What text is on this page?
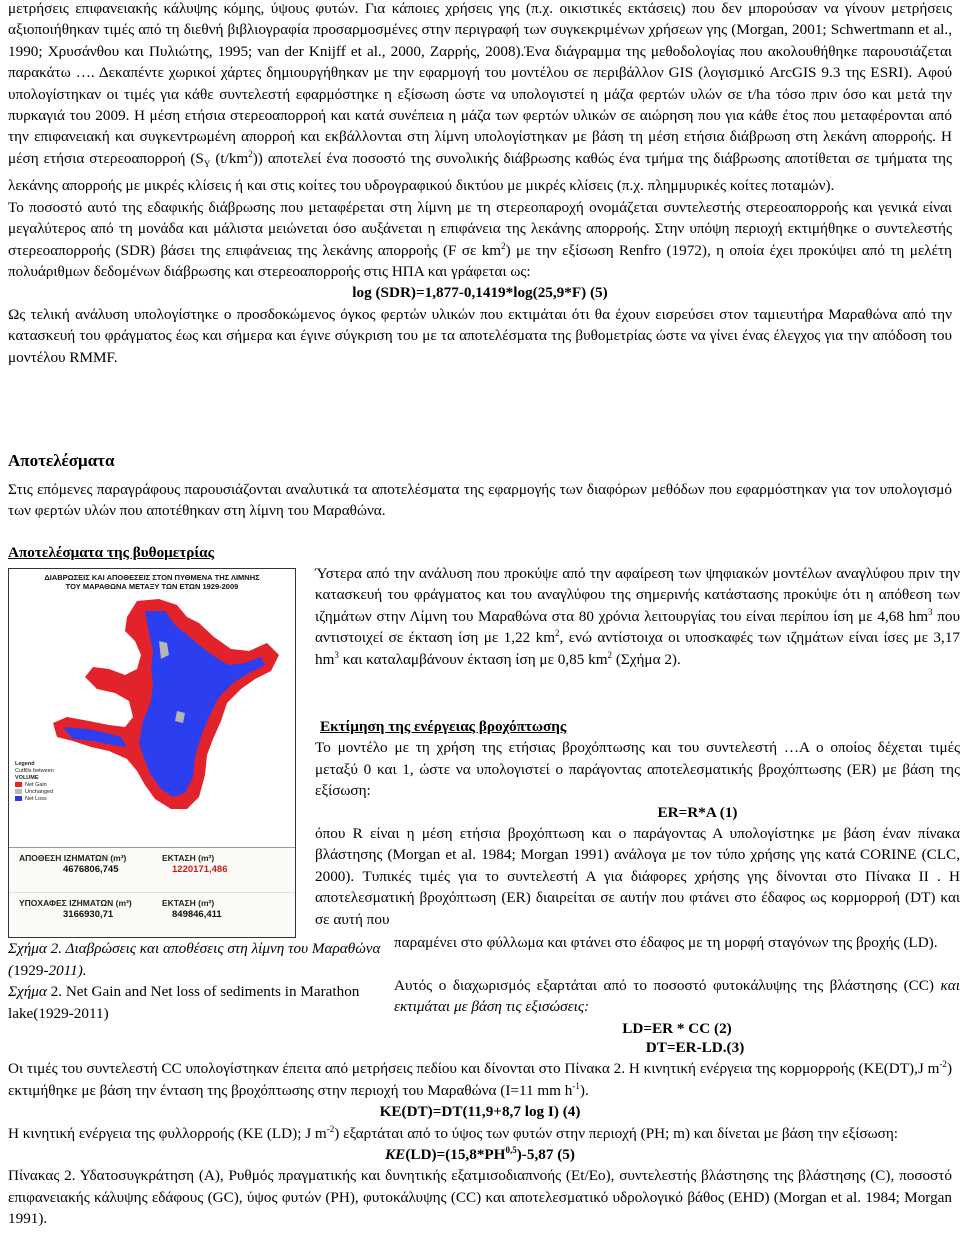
μετρήσεις επιφανειακής κάλυψης κόμης, ύψους φυτών. Για κάποιες χρήσεις γης (π.χ. οικιστικές εκτάσεις) που δεν μπορούσαν να γίνουν μετρήσεις αξιοποιήθηκαν τιμές από τη διεθνή βιβλιογραφία προσαρμοσμένες στην περιγραφή των συγκεκριμένων χρήσεων γης (Morgan, 2001; Schwertmann et al., 1990; Χρυσάνθου και Πυλιώτης, 1995; van der Knijff et al., 2000, Ζαρρής, 2008).Ένα διάγραμμα της μεθοδολογίας που ακολουθήθηκε παρουσιάζεται παρακάτω …. Δεκαπέντε χωρικοί χάρτες δημιουργήθηκαν με την εφαρμογή του μοντέλου σε περιβάλλον GIS (λογισμικό ArcGIS 9.3 της ESRI). Αφού υπολογίστηκαν οι τιμές για κάθε συντελεστή εφαρμόστηκε η εξίσωση ώστε να υπολογιστεί η μάζα φερτών υλών σε t/ha τόσο πριν όσο και μετά την πυρκαγιά του 2009. Η μέση ετήσια στερεοαπορροή και κατά συνέπεια η μάζα των φερτών υλικών σε αιώρηση που για κάθε έτος που μεταφέρονται από την επιφανειακή και συγκεντρωμένη απορροή και εκβάλλονται στη λίμνη υπολογίστηκαν με βάση τη μέση ετήσια διάβρωση στη λεκάνη απορροής. Η μέση ετήσια στερεοαπορροή ($S_Y$ $(t/km^2)$) αποτελεί ένα ποσοστό της συνολικής διάβρωσης καθώς ένα τμήμα της διάβρωσης αποτίθεται σε τμήματα της λεκάνης απορροής με μικρές κλίσεις ή και στις κοίτες του υδρογραφικού δικτύου με μικρές κλίσεις (π.χ. πλημμυρικές κοίτες ποταμών).

Το ποσοστό αυτό της εδαφικής διάβρωσης που μεταφέρεται στη λίμνη με τη στερεοπαροχή ονομάζεται συντελεστής στερεοαπορροής και γενικά είναι μεγαλύτερος από τη μονάδα και μάλιστα μειώνεται όσο αυξάνεται η επιφάνεια της λεκάνης απορροής. Στην υπόψη περιοχή εκτιμήθηκε ο συντελεστής στερεοαπορροής (SDR) βάσει της επιφάνειας της λεκάνης απορροής (F σε $km^2$) με την εξίσωση Renfro (1972), η οποία έχει προκύψει από τη μελέτη πολυάριθμων δεδομένων διάβρωσης και στερεοαπορροής στις ΗΠΑ και γράφεται ως:

log (SDR)=1,877-0,1419*log(25,9*F) (5)

Ως τελική ανάλυση υπολογίστηκε ο προσδοκώμενος όγκος φερτών υλικών που εκτιμάται ότι θα έχουν εισρεύσει στον ταμιευτήρα Μαραθώνα από την κατασκευή του φράγματος έως και σήμερα και έγινε σύγκριση του με τα αποτελέσματα της βυθομετρίας ώστε να γίνει ένας έλεγχος για την απόδοση του μοντέλου RMMF.

Αποτελέσματα

Στις επόμενες παραγράφους παρουσιάζονται αναλυτικά τα αποτελέσματα της εφαρμογής των διαφόρων μεθόδων που εφαρμόστηκαν για τον υπολογισμό των φερτών υλών που αποτέθηκαν στη λίμνη του Μαραθώνα.

Αποτελέσματα της βυθομετρίας

ΔΙΑΒΡΩΣΕΙΣ ΚΑΙ ΑΠΟΘΕΣΕΙΣ ΣΤΟΝ ΠΥΘΜΕΝΑ ΤΗΣ ΛΙΜΝΗΣ
ΤΟΥ ΜΑΡΑΘΩΝΑ ΜΕΤΑΞΥ ΤΩΝ ΕΤΩΝ 1929-2009
Legend
Cutfills between
VOLUME
Net Gain
Unchanged
Net Loss
ΑΠΟΘΕΣΗ ΙΖΗΜΑΤΩΝ (m³)
4676806,745
ΕΚΤΑΣΗ (m²)
1220171,486
ΥΠΟΧΑΦΕΣ ΙΖΗΜΑΤΩΝ (m³)
3166930,71
ΕΚΤΑΣΗ (m²)
849846,411

Ύστερα από την ανάλυση που προκύψε από την αφαίρεση των ψηφιακών μοντέλων αναγλύφου πριν την κατασκευή του φράγματος και του αναγλύφου της σημερινής κατάστασης προκύψε ότι η απόθεση των ιζημάτων στην Λίμνη του Μαραθώνα στα 80 χρόνια λειτουργίας του είναι περίπου ίση με 4,68 $hm^3$ που αντιστοιχεί σε έκταση ίση με 1,22 $km^2$, ενώ αντίστοιχα οι υποσκαφές των ιζημάτων είναι ίσες με 3,17 $hm^3$ και καταλαμβάνουν έκταση ίση με 0,85 $km^2$ (Σχήμα 2).

Εκτίμηση της ενέργειας βροχόπτωσης

Το μοντέλο με τη χρήση της ετήσιας βροχόπτωσης και του συντελεστή …Α ο οποίος δέχεται τιμές μεταξύ 0 και 1, ώστε να υπολογιστεί ο παράγοντας αποτελεσματικής βροχόπτωσης (ER) με βάση της εξίσωση:

ER=R*A (1)

όπου R είναι η μέση ετήσια βροχόπτωση και ο παράγοντας Α υπολογίστηκε με βάση έναν πίνακα βλάστησης (Morgan et al. 1984; Morgan 1991) ανάλογα με τον τύπο χρήσης γης κατά CORINE (CLC, 2000). Τυπικές τιμές για το συντελεστή Α για διάφορες χρήσης γης δίνονται στο Πίνακα ΙΙ . Η αποτελεσματική βροχόπτωση (ER) διαιρείται σε αυτήν που φτάνει στο έδαφος ως κορμορροή (DT) και σε αυτή που

παραμένει στο φύλλωμα και φτάνει στο έδαφος με τη μορφή σταγόνων της βροχής (LD).

Αυτός ο διαχωρισμός εξαρτάται από το ποσοστό φυτοκάλυψης της βλάστησης (CC) και εκτιμάται με βάση τις εξισώσεις:

LD=ER * CC (2)

Σχήμα 2. Διαβρώσεις και αποθέσεις στη λίμνη του Μαραθώνα (1929-2011).
Σχήμα 2. Net Gain and Net loss of sediments in Marathon lake(1929-2011)

DT=ER-LD.(3)

Οι τιμές του συντελεστή CC υπολογίστηκαν έπειτα από μετρήσεις πεδίου και δίνονται στο Πίνακα 2. Η κινητική ενέργεια της κορμορροής (KE(DT),J $m^{-2}$) εκτιμήθηκε με βάση την ένταση της βροχόπτωσης στην περιοχή του Μαραθώνα (I=11 mm $h^{-1}$).

KE(DT)=DT(11,9+8,7 log I) (4)

Η κινητική ενέργεια της φυλλορροής (KE (LD); J $m^{-2}$) εξαρτάται από το ύψος των φυτών στην περιοχή (PH; m) και δίνεται με βάση την εξίσωση:

KE(LD)=(15,8*PH$^{0,5}$)-5,87 (5)

Πίνακας 2. Υδατοσυγκράτηση (A), Ρυθμός πραγματικής και δυνητικής εξατμισοδιαπνοής (Et/Eo), συντελεστής βλάστησης της βλάστησης (C), ποσοστό επιφανειακής κάλυψης εδάφους (GC), ύψος φυτών (PH), φυτοκάλυψης (CC) και αποτελεσματικό υδρολογικό βάθος (EHD) (Morgan et al. 1984; Morgan 1991).
